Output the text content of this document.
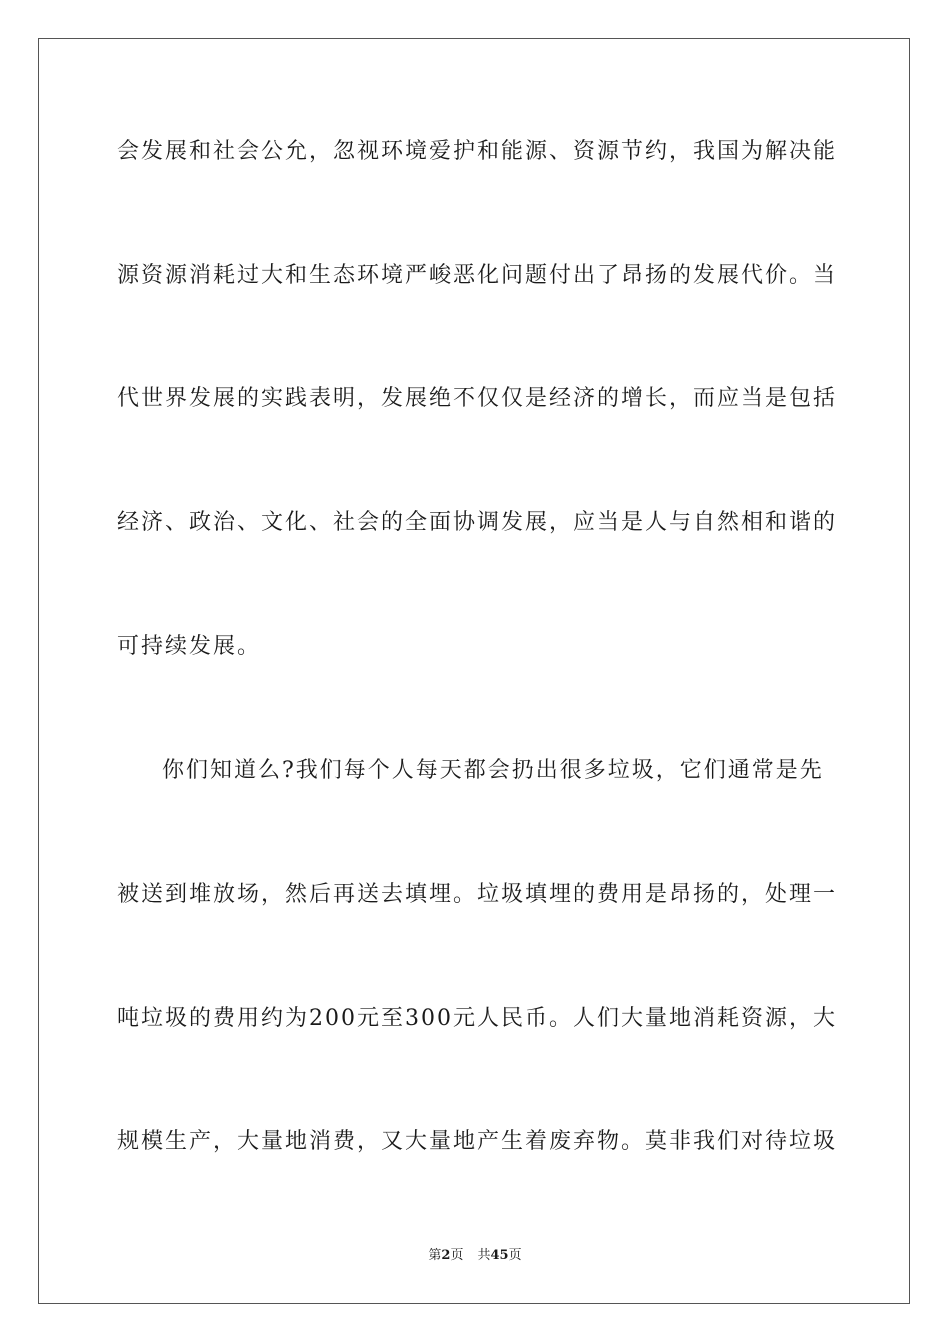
会发展和社会公允，忽视环境爱护和能源、资源节约，我国为解决能
源资源消耗过大和生态环境严峻恶化问题付出了昂扬的发展代价。当
代世界发展的实践表明，发展绝不仅仅是经济的增长，而应当是包括
经济、政治、文化、社会的全面协调发展，应当是人与自然相和谐的
可持续发展。
你们知道么?我们每个人每天都会扔出很多垃圾，它们通常是先
被送到堆放场，然后再送去填埋。垃圾填埋的费用是昂扬的，处理一
吨垃圾的费用约为200元至300元人民币。人们大量地消耗资源，大
规模生产，大量地消费，又大量地产生着废弃物。莫非我们对待垃圾
第2页 共45页
